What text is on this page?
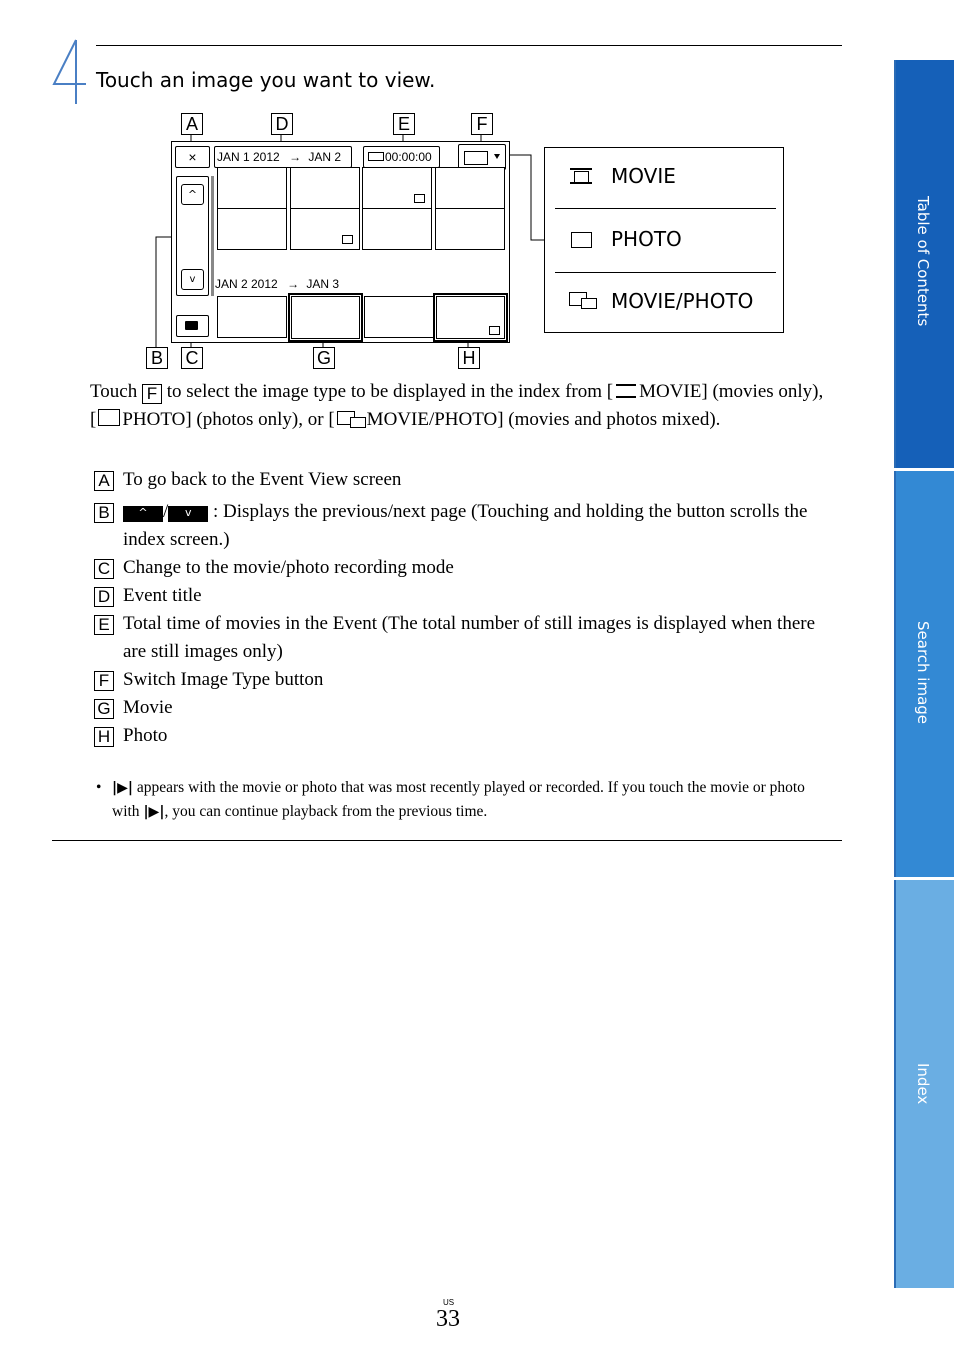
Touch an image you want to view.
A	D	E	F
B C	G	H
×	JAN 1 2012 → JAN 2	00:00:00
^
v	JAN 2 2012 → JAN 3
MOVIE
PHOTO
MOVIE/PHOTO
Touch F to select the image type to be displayed in the index from [ MOVIE] (movies only), [ PHOTO] (photos only), or [ MOVIE/PHOTO] (movies and photos mixed).
A To go back to the Event View screen
B	^ / v : Displays the previous/next page (Touching and holding the button scrolls the index screen.)
C Change to the movie/photo recording mode
D Event title
E Total time of movies in the Event (The total number of still images is displayed when there are still images only)
F Switch Image Type button
G Movie
H Photo
• |▶| appears with the movie or photo that was most recently played or recorded. If you touch the movie or photo with |▶|, you can continue playback from the previous time.
Table of Contents
Search image
Index
US
33
